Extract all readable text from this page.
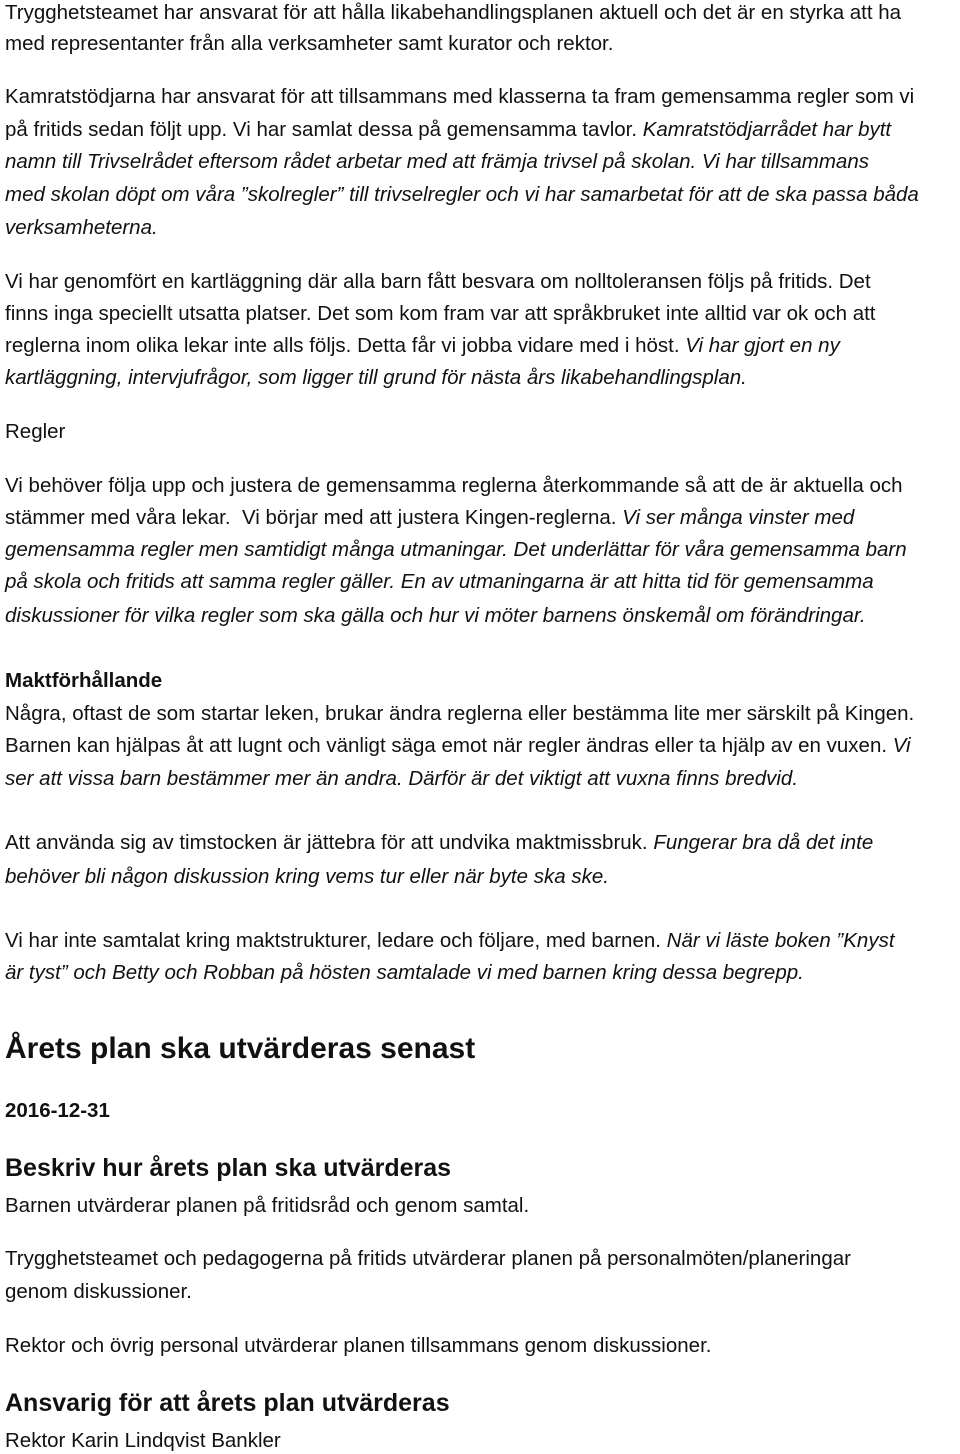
Trygghetsteamet har ansvarat för att hålla likabehandlingsplanen aktuell och det är en styrka att ha
med representanter från alla verksamheter samt kurator och rektor.
Kamratstödjarna har ansvarat för att tillsammans med klasserna ta fram gemensamma regler som vi
på fritids sedan följt upp. Vi har samlat dessa på gemensamma tavlor. Kamratstödjarrådet har bytt
namn till Trivselrådet eftersom rådet arbetar med att främja trivsel på skolan. Vi har tillsammans
med skolan döpt om våra ”skolregler” till trivselregler och vi har samarbetat för att de ska passa båda
verksamheterna.
Vi har genomfört en kartläggning där alla barn fått besvara om nolltoleransen följs på fritids. Det
finns inga speciellt utsatta platser. Det som kom fram var att språkbruket inte alltid var ok och att
reglerna inom olika lekar inte alls följs. Detta får vi jobba vidare med i höst. Vi har gjort en ny
kartläggning, intervjufrågor, som ligger till grund för nästa års likabehandlingsplan.
Regler
Vi behöver följa upp och justera de gemensamma reglerna återkommande så att de är aktuella och
stämmer med våra lekar.  Vi börjar med att justera Kingen-reglerna. Vi ser många vinster med
gemensamma regler men samtidigt många utmaningar. Det underlättar för våra gemensamma barn
på skola och fritids att samma regler gäller. En av utmaningarna är att hitta tid för gemensamma
diskussioner för vilka regler som ska gälla och hur vi möter barnens önskemål om förändringar.
Maktförhållande
Några, oftast de som startar leken, brukar ändra reglerna eller bestämma lite mer särskilt på Kingen.
Barnen kan hjälpas åt att lugnt och vänligt säga emot när regler ändras eller ta hjälp av en vuxen. Vi
ser att vissa barn bestämmer mer än andra. Därför är det viktigt att vuxna finns bredvid.
Att använda sig av timstocken är jättebra för att undvika maktmissbruk. Fungerar bra då det inte
behöver bli någon diskussion kring vems tur eller när byte ska ske.
Vi har inte samtalat kring maktstrukturer, ledare och följare, med barnen. När vi läste boken ”Knyst
är tyst” och Betty och Robban på hösten samtalade vi med barnen kring dessa begrepp.
Årets plan ska utvärderas senast
2016-12-31
Beskriv hur årets plan ska utvärderas
Barnen utvärderar planen på fritidsråd och genom samtal.
Trygghetsteamet och pedagogerna på fritids utvärderar planen på personalmöten/planeringar
genom diskussioner.
Rektor och övrig personal utvärderar planen tillsammans genom diskussioner.
Ansvarig för att årets plan utvärderas
Rektor Karin Lindqvist Bankler
